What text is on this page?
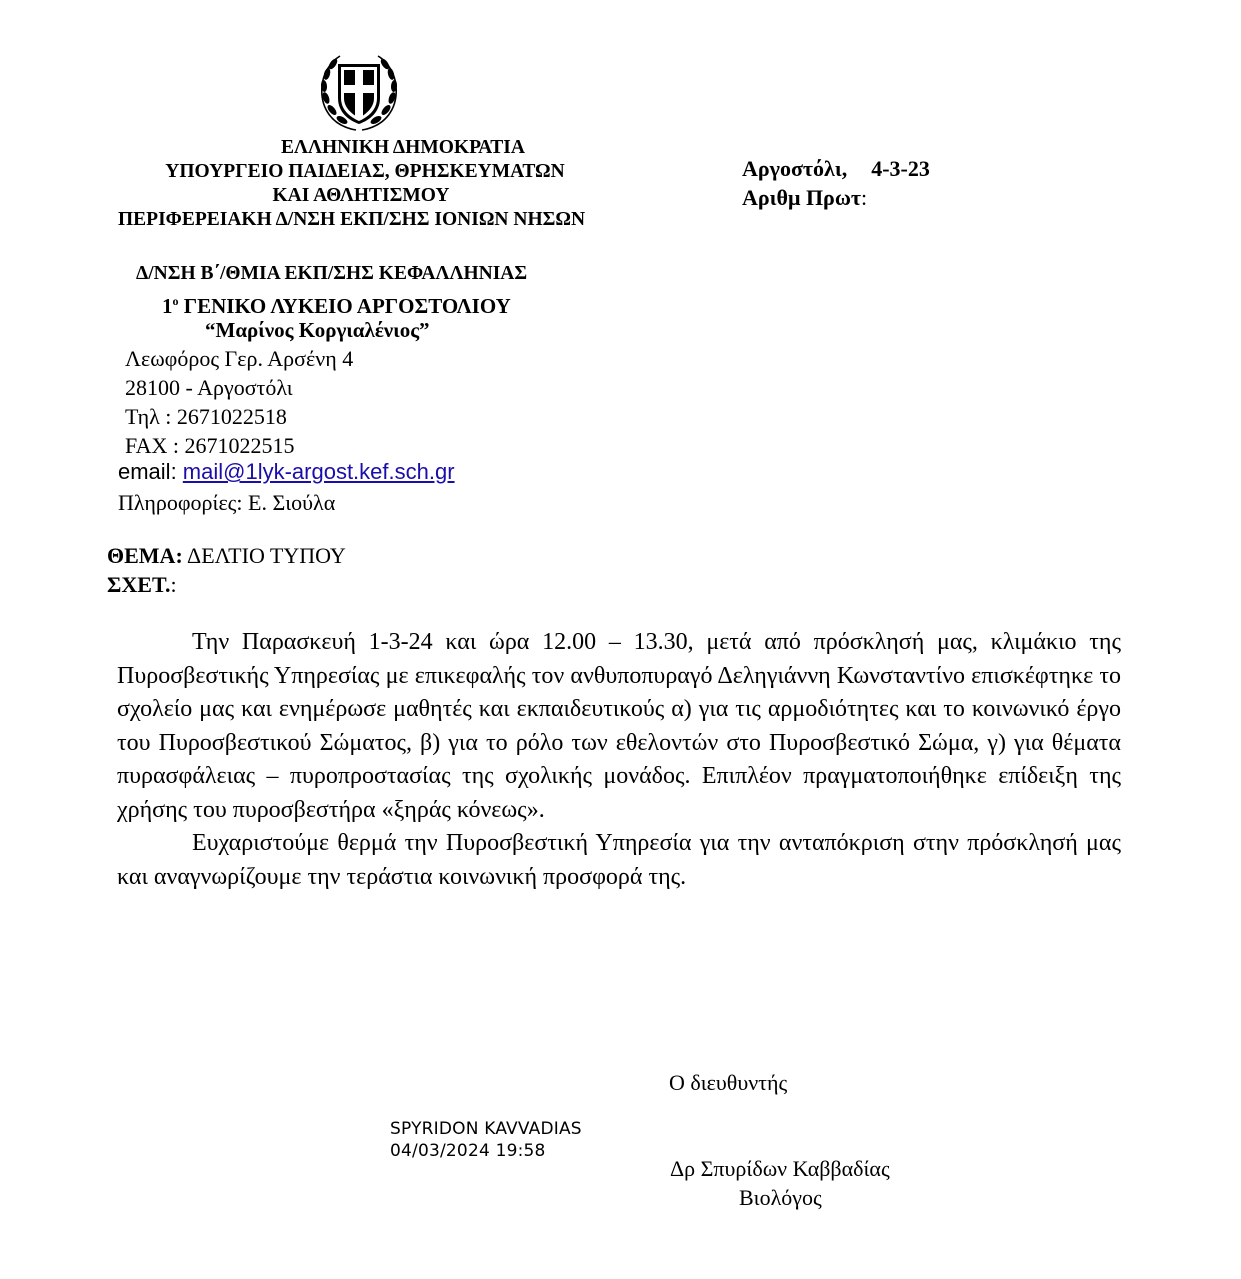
ΕΛΛΗΝΙΚΗ ΔΗΜΟΚΡΑΤΙΑ
ΥΠΟΥΡΓΕΙΟ ΠΑΙΔΕΙΑΣ, ΘΡΗΣΚΕΥΜΑΤΩΝ
ΚΑΙ ΑΘΛΗΤΙΣΜΟΥ
ΠΕΡΙΦΕΡΕΙΑΚΗ Δ/ΝΣΗ ΕΚΠ/ΣΗΣ ΙΟΝΙΩΝ ΝΗΣΩΝ
Δ/ΝΣΗ Β΄/ΘΜΙΑ ΕΚΠ/ΣΗΣ ΚΕΦΑΛΛΗΝΙΑΣ
$1^o$ ΓΕΝΙΚΟ ΛΥΚΕΙΟ ΑΡΓΟΣΤΟΛΙΟΥ
“Μαρίνος Κοργιαλένιος”
Αργοστόλι, 4-3-23
Αριθμ Πρωτ:
Λεωφόρος Γερ. Αρσένη 4
28100 - Αργοστόλι
Τηλ : 2671022518
FAX : 2671022515
email: mail@1lyk-argost.kef.sch.gr
Πληροφορίες: Ε. Σιούλα
ΘΕΜΑ: ΔΕΛΤΙΟ ΤΥΠΟΥ
ΣΧΕΤ.:

Την Παρασκευή 1-3-24 και ώρα 12.00 – 13.30, μετά από πρόσκλησή μας, κλιμάκιο της Πυροσβεστικής Υπηρεσίας με επικεφαλής τον ανθυποπυραγό Δεληγιάννη Κωνσταντίνο επισκέφτηκε το σχολείο μας και ενημέρωσε μαθητές και εκπαιδευτικούς α) για τις αρμοδιότητες και το κοινωνικό έργο του Πυροσβεστικού Σώματος, β) για το ρόλο των εθελοντών στο Πυροσβεστικό Σώμα, γ) για θέματα πυρασφάλειας – πυροπροστασίας της σχολικής μονάδος. Επιπλέον πραγματοποιήθηκε επίδειξη της χρήσης του πυροσβεστήρα «ξηράς κόνεως».

Ευχαριστούμε θερμά την Πυροσβεστική Υπηρεσία για την ανταπόκριση στην πρόσκλησή μας και αναγνωρίζουμε την τεράστια κοινωνική προσφορά της.

Ο διευθυντής
SPYRIDON KAVVADIAS
04/03/2024 19:58
Δρ Σπυρίδων Καββαδίας
Βιολόγος
